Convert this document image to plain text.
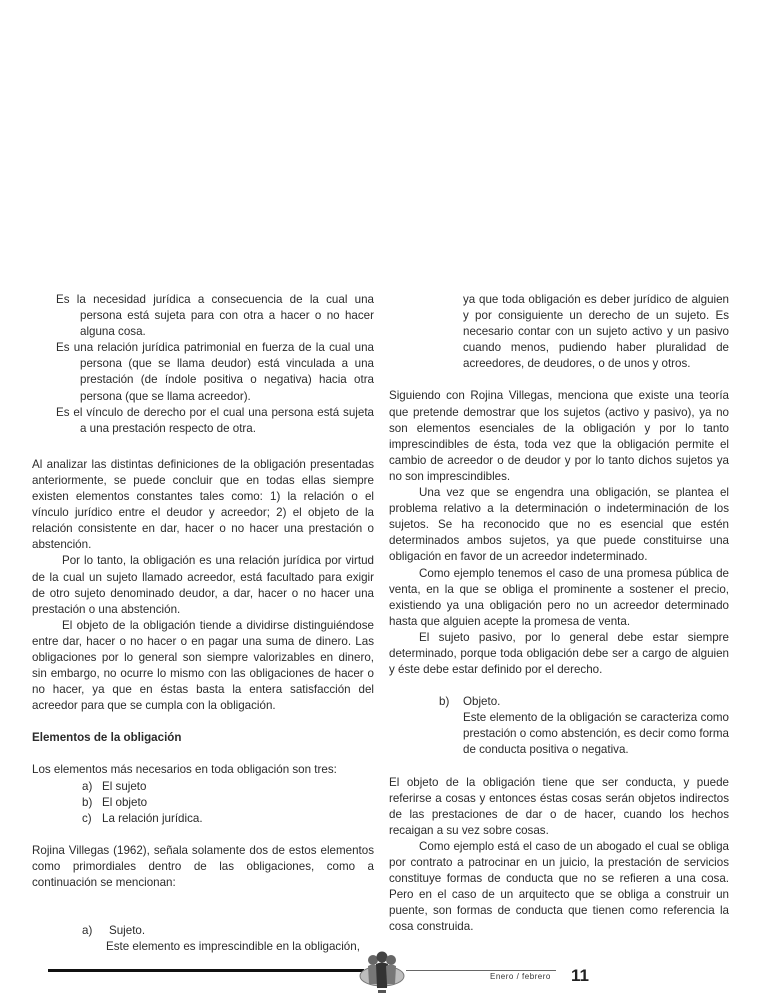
Es la necesidad jurídica a consecuencia de la cual una persona está sujeta para con otra a hacer o no hacer alguna cosa.

Es una relación jurídica patrimonial en fuerza de la cual una persona (que se llama deudor) está vinculada a una prestación (de índole positiva o negativa) hacia otra persona (que se llama acreedor).

Es el vínculo de derecho por el cual una persona está sujeta a una prestación respecto de otra.

Al analizar las distintas definiciones de la obligación presentadas anteriormente, se puede concluir que en todas ellas siempre existen elementos constantes tales como: 1) la relación o el vínculo jurídico entre el deudor y acreedor; 2) el objeto de la relación consistente en dar, hacer o no hacer una prestación o abstención.

Por lo tanto, la obligación es una relación jurídica por virtud de la cual un sujeto llamado acreedor, está facultado para exigir de otro sujeto denominado deudor, a dar, hacer o no hacer una prestación o una abstención.

El objeto de la obligación tiende a dividirse distinguiéndose entre dar, hacer o no hacer o en pagar una suma de dinero. Las obligaciones por lo general son siempre valorizables en dinero, sin embargo, no ocurre lo mismo con las obligaciones de hacer o no hacer, ya que en éstas basta la entera satisfacción del acreedor para que se cumpla con la obligación.

Elementos de la obligación

Los elementos más necesarios en toda obligación son tres:

a) El sujeto
b) El objeto
c) La relación jurídica.

Rojina Villegas (1962), señala solamente dos de estos elementos como primordiales dentro de las obligaciones, como a continuación se mencionan:

a)	Sujeto.

Este elemento es imprescindible en la obligación,

ya que toda obligación es deber jurídico de alguien y por consiguiente un derecho de un sujeto. Es necesario contar con un sujeto activo y un pasivo cuando menos, pudiendo haber pluralidad de acreedores, de deudores, o de unos y otros.

Siguiendo con Rojina Villegas, menciona que existe una teoría que pretende demostrar que los sujetos (activo y pasivo), ya no son elementos esenciales de la obligación y por lo tanto imprescindibles de ésta, toda vez que la obligación permite el cambio de acreedor o de deudor y por lo tanto dichos sujetos ya no son imprescindibles.

Una vez que se engendra una obligación, se plantea el problema relativo a la determinación o indeterminación de los sujetos. Se ha reconocido que no es esencial que estén determinados ambos sujetos, ya que puede constituirse una obligación en favor de un acreedor indeterminado.

Como ejemplo tenemos el caso de una promesa pública de venta, en la que se obliga el prominente a sostener el precio, existiendo ya una obligación pero no un acreedor determinado hasta que alguien acepte la promesa de venta.

El sujeto pasivo, por lo general debe estar siempre determinado, porque toda obligación debe ser a cargo de alguien y éste debe estar definido por el derecho.

b)	Objeto.

Este elemento de la obligación se caracteriza como prestación o como abstención, es decir como forma de conducta positiva o negativa.

El objeto de la obligación tiene que ser conducta, y puede referirse a cosas y entonces éstas cosas serán objetos indirectos de las prestaciones de dar o de hacer, cuando los hechos recaigan a su vez sobre cosas.

Como ejemplo está el caso de un abogado el cual se obliga por contrato a patrocinar en un juicio, la prestación de servicios constituye formas de conducta que no se refieren a una cosa. Pero en el caso de un arquitecto que se obliga a construir un puente, son formas de conducta que tienen como referencia la cosa construida.

Enero / febrero 11
